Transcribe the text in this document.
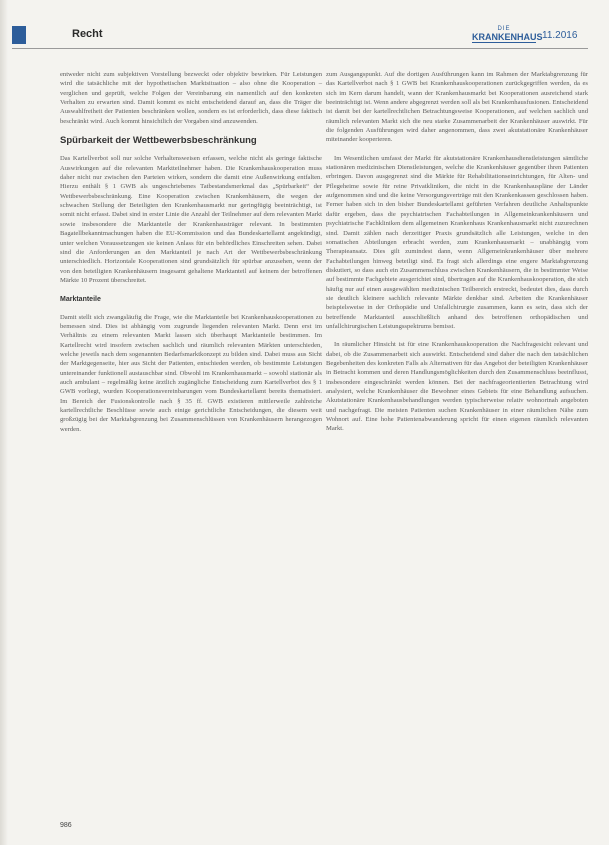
Recht	DIE
KRANKENHAUS 11.2016

entweder nicht zum subjektiven Vorstellung bezweckt oder objektiv bewirken. Für Leistungen wird die tatsächliche mit der hypothetischen Marktsituation – also ohne die Kooperation – verglichen und geprüft, welche Folgen der Vereinbarung ein namentlich auf den konkreten Verhalten zu erwarten sind. Damit kommt es nicht entscheidend darauf an, dass die Träger die Auswahlfreiheit der Patienten beschränken wollen, sondern es ist erforderlich, dass diese faktisch beschränkt wird. Auch kommt hinsichtlich der Vorgaben sind anzuwenden.

Spürbarkeit der Wettbewerbsbeschränkung

Das Kartellverbot soll nur solche Verhaltensweisen erfassen, welche nicht als geringe faktische Auswirkungen auf die relevanten Marktteilnehmer haben. Die Krankenhauskooperation muss daher nicht nur zwischen den Parteien wirken, sondern die damit eine Außenwirkung entfalten. Hierzu enthält § 1 GWB als ungeschriebenes Tatbestandsmerkmal das „Spürbarkeit“ der Wettbewerbsbeschränkung. Eine Kooperation zwischen Krankenhäusern, die wegen der schwachen Stellung der Beteiligten den Krankenhausmarkt nur geringfügig beeinträchtigt, ist somit nicht erfasst. Dabei sind in erster Linie die Anzahl der Teilnehmer auf dem relevanten Markt sowie insbesondere die Marktanteile der Krankenhausträger relevant. In bestimmten Bagatellbekanntmachungen haben die EU-Kommission und das Bundeskartellamt angekündigt, unter welchen Voraussetzungen sie keinen Anlass für ein behördliches Einschreiten sehen. Dabei sind die Anforderungen an den Marktanteil je nach Art der Wettbewerbsbeschränkung unterschiedlich. Horizontale Kooperationen sind grundsätzlich für spürbar anzusehen, wenn der von den beteiligten Krankenhäusern insgesamt gehaltene Marktanteil auf keinem der betroffenen Märkte 10 Prozent überschreitet.

Marktanteile

Damit stellt sich zwangsläufig die Frage, wie die Marktanteile bei Krankenhauskooperationen zu bemessen sind. Dies ist abhängig vom zugrunde liegenden relevanten Markt. Denn erst im Verhältnis zu einem relevanten Markt lassen sich überhaupt Marktanteile bestimmen. Im Kartellrecht wird insofern zwischen sachlich und räumlich relevanten Märkten unterschieden, welche jeweils nach dem sogenannten Bedarfsmarktkonzept zu bilden sind. Dabei muss aus Sicht der Marktgegenseite, hier aus Sicht der Patienten, entschieden werden, ob bestimmte Leistungen untereinander funktionell austauschbar sind. Obwohl im Krankenhausmarkt – sowohl stationär als auch ambulant – regelmäßig keine ärztlich zugängliche Entscheidung zum Kartellverbot des § 1 GWB vorliegt, wurden Kooperationsvereinbarungen vom Bundeskartellamt bereits thematisiert. Im Bereich der Fusionskontrolle nach § 35 ff. GWB existieren mittlerweile zahlreiche kartellrechtliche Beschlüsse sowie auch einige gerichtliche Entscheidungen, die diesem weit großzügig bei der Marktabgrenzung bei Zusammenschlüssen von Krankenhäusern herangezogen werden.

zum Ausgangspunkt. Auf die dortigen Ausführungen kann im Rahmen der Marktabgrenzung für das Kartellverbot nach § 1 GWB bei Krankenhauskooperationen zurückgegriffen werden, da es sich im Kern darum handelt, wann der Krankenhausmarkt bei Kooperationen ausreichend stark beeinträchtigt ist. Wenn andere abgegrenzt werden soll als bei Krankenhausfusionen. Entscheidend ist damit bei der kartellrechtlichen Betrachtungsweise Kooperationen, auf welchen sachlich und räumlich relevanten Markt sich die neu starke Zusammenarbeit der Krankenhäuser auswirkt. Für die folgenden Ausführungen wird daher angenommen, dass zwei akutstationäre Krankenhäuser miteinander kooperieren.

Im Wesentlichen umfasst der Markt für akutstationäre Krankenhausdienstleistungen sämtliche stationären medizinischen Dienstleistungen, welche die Krankenhäuser gegenüber ihren Patienten erbringen. Davon ausgegrenzt sind die Märkte für Rehabilitationseinrichtungen, für Alten- und Pflegeheime sowie für reine Privatkliniken, die nicht in die Krankenhauspläne der Länder aufgenommen sind und die keine Versorgungsverträge mit den Krankenkassen geschlossen haben. Ferner haben sich in den bisher Bundeskartellamt geführten Verfahren deutliche Anhaltspunkte dafür ergeben, dass die psychiatrischen Fachabteilungen in Allgemeinkrankenhäusern und psychiatrische Fachkliniken dem allgemeinen Krankenhaus Krankenhausmarkt nicht zuzurechnen sind. Damit zählen nach derzeitiger Praxis grundsätzlich alle Leistungen, welche in den somatischen Abteilungen erbracht werden, zum Krankenhausmarkt – unabhängig vom Therapieansatz. Dies gilt zumindest dann, wenn Allgemeinkrankenhäuser über mehrere Fachabteilungen hinweg beteiligt sind. Es fragt sich allerdings eine engere Marktabgrenzung diskutiert, so dass auch ein Zusammenschluss zwischen Krankenhäusern, die in bestimmter Weise auf bestimmte Fachgebiete ausgerichtet sind, übertragen auf die Krankenhauskooperation, die sich häufig nur auf einen ausgewählten medizinischen Teilbereich erstreckt, bedeutet dies, dass durch sie deutlich kleinere sachlich relevante Märkte denkbar sind. Arbeiten die Krankenhäuser beispielsweise in der Orthopädie und Unfallchirurgie zusammen, kann es sein, dass sich der betreffende Marktanteil ausschließlich anhand des betroffenen orthopädischen und unfallchirurgischen Leistungsspektrums bemisst.

In räumlicher Hinsicht ist für eine Krankenhauskooperation die Nachfragesicht relevant und dabei, ob die Zusammenarbeit sich auswirkt. Entscheidend sind daher die nach den tatsächlichen Begebenheiten des konkreten Falls als Alternativen für das Angebot der beteiligten Krankenhäuser in Betracht kommen und deren Handlungsmöglichkeiten durch den Zusammenschluss beeinflusst, insbesondere eingeschränkt werden können. Bei der nachfrageorientierten Betrachtung wird analysiert, welche Krankenhäuser die Bewohner eines Gebiets für eine Behandlung aufsuchen. Akutstationäre Krankenhausbehandlungen werden typischerweise relativ wohnortnah angeboten und nachgefragt. Die meisten Patienten suchen Krankenhäuser in einer räumlichen Nähe zum Wohnort auf. Eine hohe Patientenabwanderung spricht für einen eigenen räumlich relevanten Markt.

986
